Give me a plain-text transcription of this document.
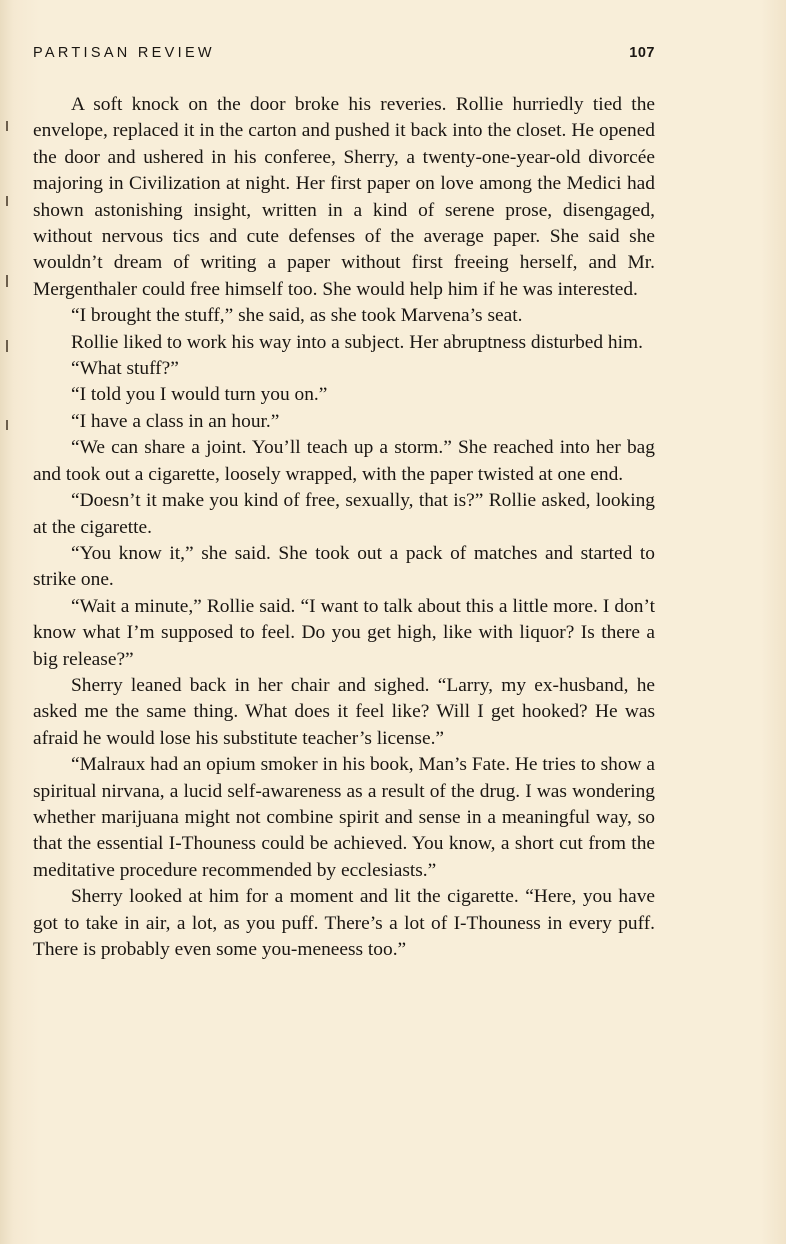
PARTISAN REVIEW	107

A soft knock on the door broke his reveries. Rollie hurriedly tied the envelope, replaced it in the carton and pushed it back into the closet. He opened the door and ushered in his conferee, Sherry, a twenty-one-year-old divorcée majoring in Civilization at night. Her first paper on love among the Medici had shown astonishing insight, written in a kind of serene prose, disengaged, without nervous tics and cute defenses of the average paper. She said she wouldn’t dream of writing a paper without first freeing herself, and Mr. Mergenthaler could free himself too. She would help him if he was interested.

“I brought the stuff,” she said, as she took Marvena’s seat.

Rollie liked to work his way into a subject. Her abruptness disturbed him.

“What stuff?”

“I told you I would turn you on.”

“I have a class in an hour.”

“We can share a joint. You’ll teach up a storm.” She reached into her bag and took out a cigarette, loosely wrapped, with the paper twisted at one end.

“Doesn’t it make you kind of free, sexually, that is?” Rollie asked, looking at the cigarette.

“You know it,” she said. She took out a pack of matches and started to strike one.

“Wait a minute,” Rollie said. “I want to talk about this a little more. I don’t know what I’m supposed to feel. Do you get high, like with liquor? Is there a big release?”

Sherry leaned back in her chair and sighed. “Larry, my ex-husband, he asked me the same thing. What does it feel like? Will I get hooked? He was afraid he would lose his substitute teacher’s license.”

“Malraux had an opium smoker in his book, Man’s Fate. He tries to show a spiritual nirvana, a lucid self-awareness as a result of the drug. I was wondering whether marijuana might not combine spirit and sense in a meaningful way, so that the essential I-Thouness could be achieved. You know, a short cut from the meditative procedure recommended by ecclesiasts.”

Sherry looked at him for a moment and lit the cigarette. “Here, you have got to take in air, a lot, as you puff. There’s a lot of I-Thouness in every puff. There is probably even some you-meneess too.”
